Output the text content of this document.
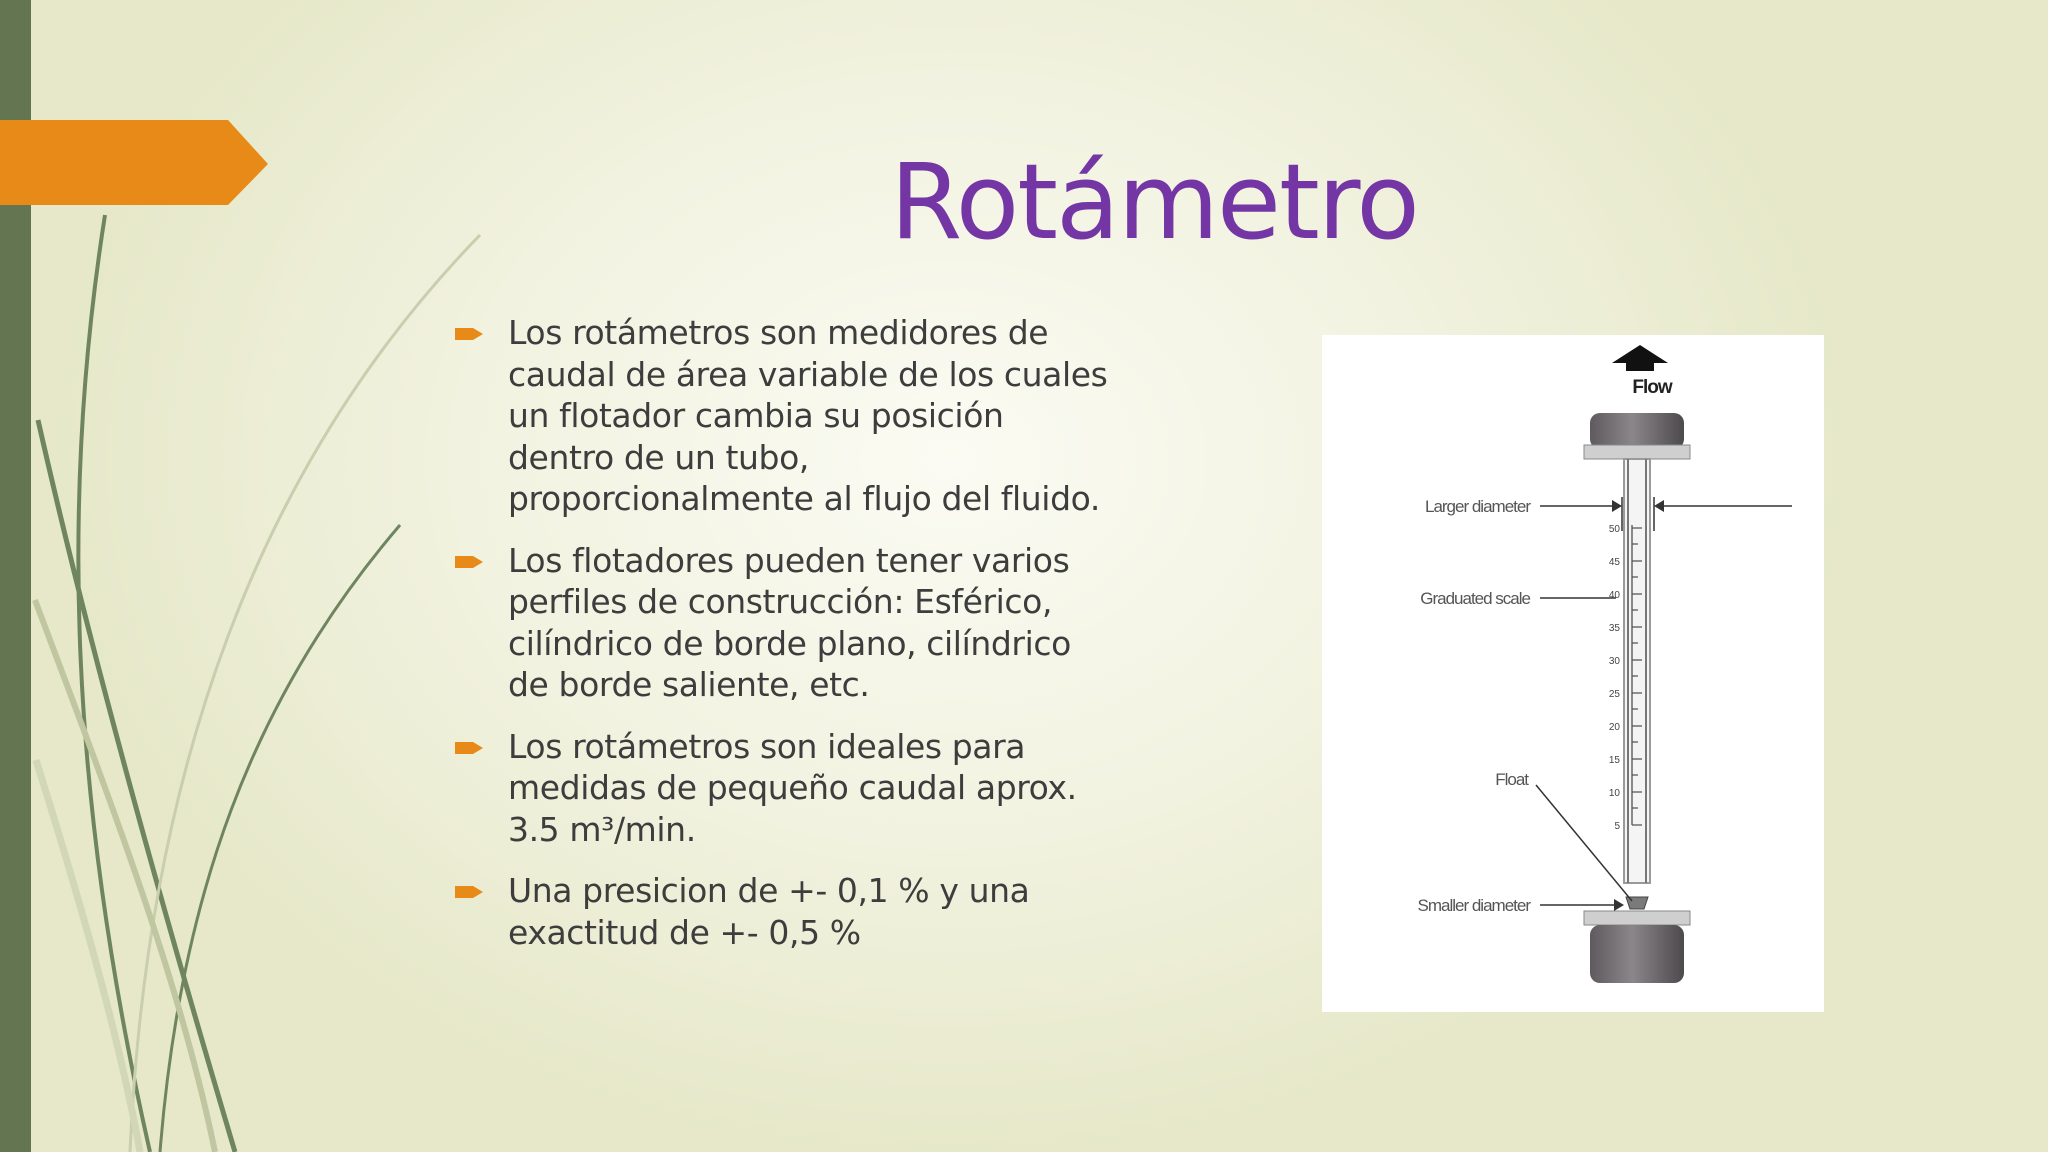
Rotámetro
Los rotámetros son medidores de
caudal de área variable de los cuales
un flotador cambia su posición
dentro de un tubo,
proporcionalmente al flujo del fluido.
Los flotadores pueden tener varios
perfiles de construcción: Esférico,
cilíndrico de borde plano, cilíndrico
de borde saliente, etc.
Los rotámetros son ideales para
medidas de pequeño caudal aprox.
3.5 m³/min.
Una presicion de +- 0,1 % y una
exactitud de +- 0,5 %
Flow
50
45
40
35
30
25
20
15
10
5
Larger diameter
Graduated scale
Float
Smaller diameter
